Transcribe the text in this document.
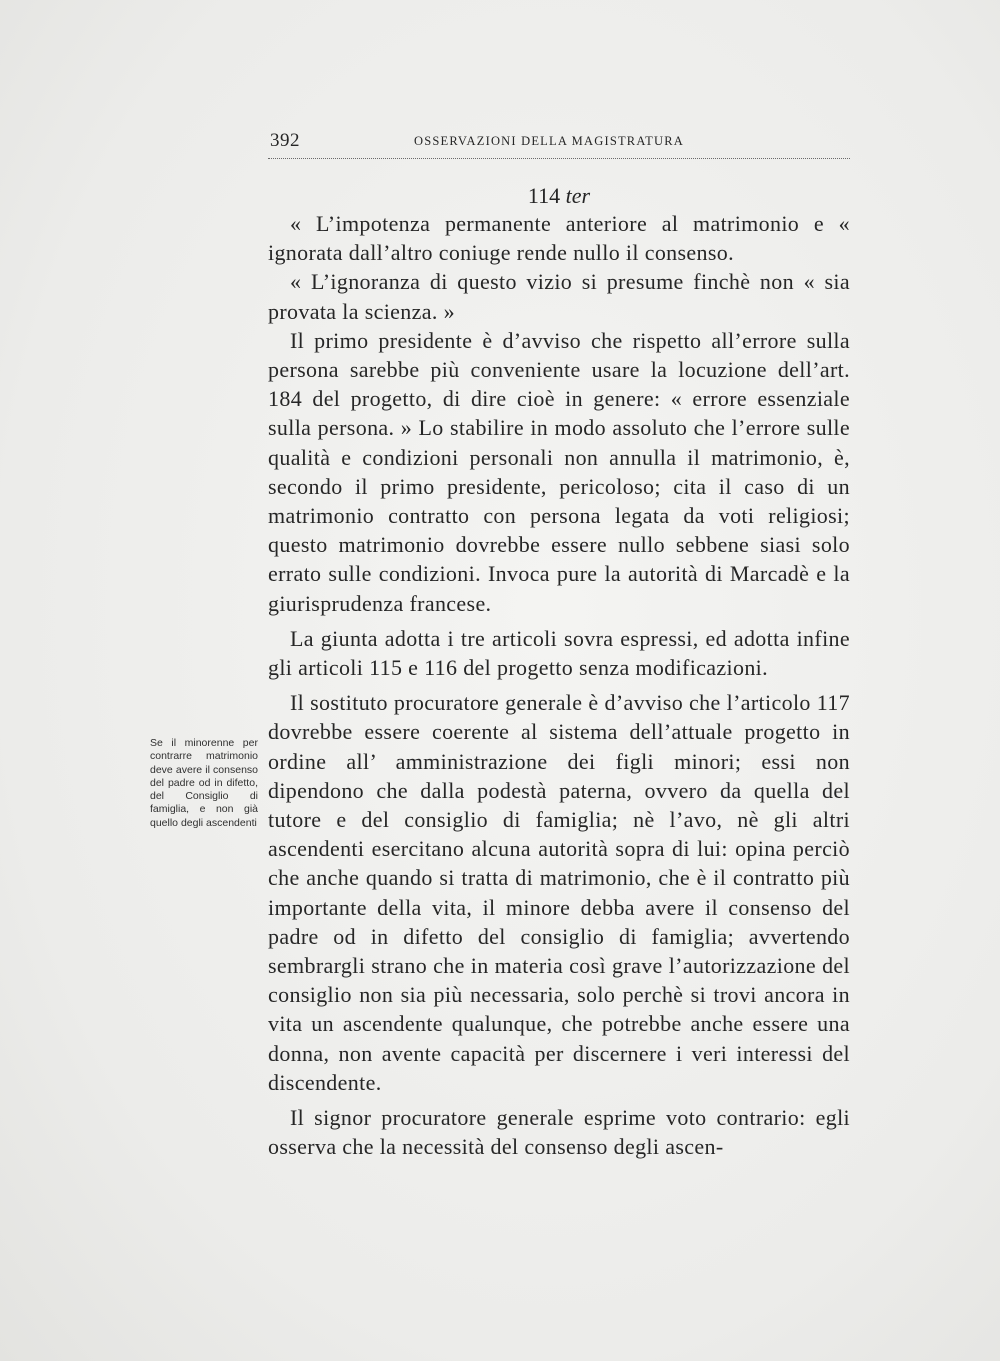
392	OSSERVAZIONI DELLA MAGISTRATURA
114 ter

« L’impotenza permanente anteriore al matrimonio e « ignorata dall’altro coniuge rende nullo il consenso.

« L’ignoranza di questo vizio si presume finchè non « sia provata la scienza. »

Il primo presidente è d’avviso che rispetto all’errore sulla persona sarebbe più conveniente usare la locuzione dell’art. 184 del progetto, di dire cioè in genere: « errore essenziale sulla persona. » Lo stabilire in modo assoluto che l’errore sulle qualità e condizioni personali non annulla il matrimonio, è, secondo il primo presidente, pericoloso; cita il caso di un matrimonio contratto con persona legata da voti religiosi; questo matrimonio dovrebbe essere nullo sebbene siasi solo errato sulle condizioni. Invoca pure la autorità di Marcadè e la giurisprudenza francese.

La giunta adotta i tre articoli sovra espressi, ed adotta infine gli articoli 115 e 116 del progetto senza modificazioni.

Il sostituto procuratore generale è d’avviso che l’articolo 117 dovrebbe essere coerente al sistema dell’attuale progetto in ordine all’ amministrazione dei figli minori; essi non dipendono che dalla podestà paterna, ovvero da quella del tutore e del consiglio di famiglia; nè l’avo, nè gli altri ascendenti esercitano alcuna autorità sopra di lui: opina perciò che anche quando si tratta di matrimonio, che è il contratto più importante della vita, il minore debba avere il consenso del padre od in difetto del consiglio di famiglia; avvertendo sembrargli strano che in materia così grave l’autorizzazione del consiglio non sia più necessaria, solo perchè si trovi ancora in vita un ascendente qualunque, che potrebbe anche essere una donna, non avente capacità per discernere i veri interessi del discendente.

Il signor procuratore generale esprime voto contrario: egli osserva che la necessità del consenso degli ascen-

Se il minorenne per contrarre matrimonio deve avere il consenso del padre od in difetto, del Consiglio di famiglia, e non già quello degli ascendenti
